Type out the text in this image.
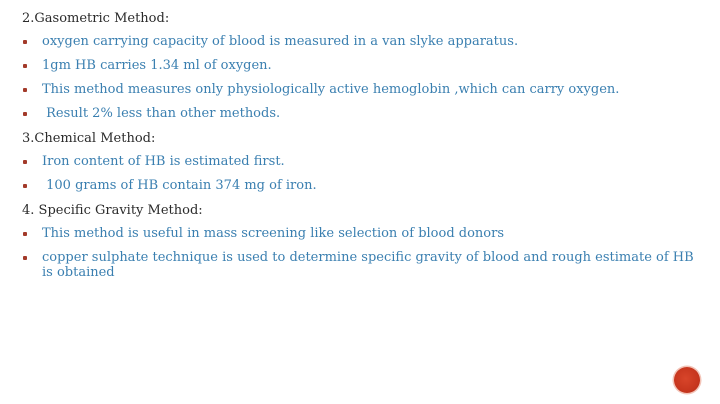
2.Gasometric Method:
oxygen carrying capacity of blood is measured in a van slyke apparatus.
1gm HB carries 1.34 ml of oxygen.
This method measures only physiologically active hemoglobin ,which can carry oxygen.
Result 2% less than other methods.
3.Chemical Method:
Iron content of HB is estimated first.
100 grams of HB contain 374 mg of iron.
4. Specific Gravity Method:
This method is useful in mass screening like selection of blood donors
copper sulphate technique is used to determine specific gravity of blood and rough estimate of HB is obtained
